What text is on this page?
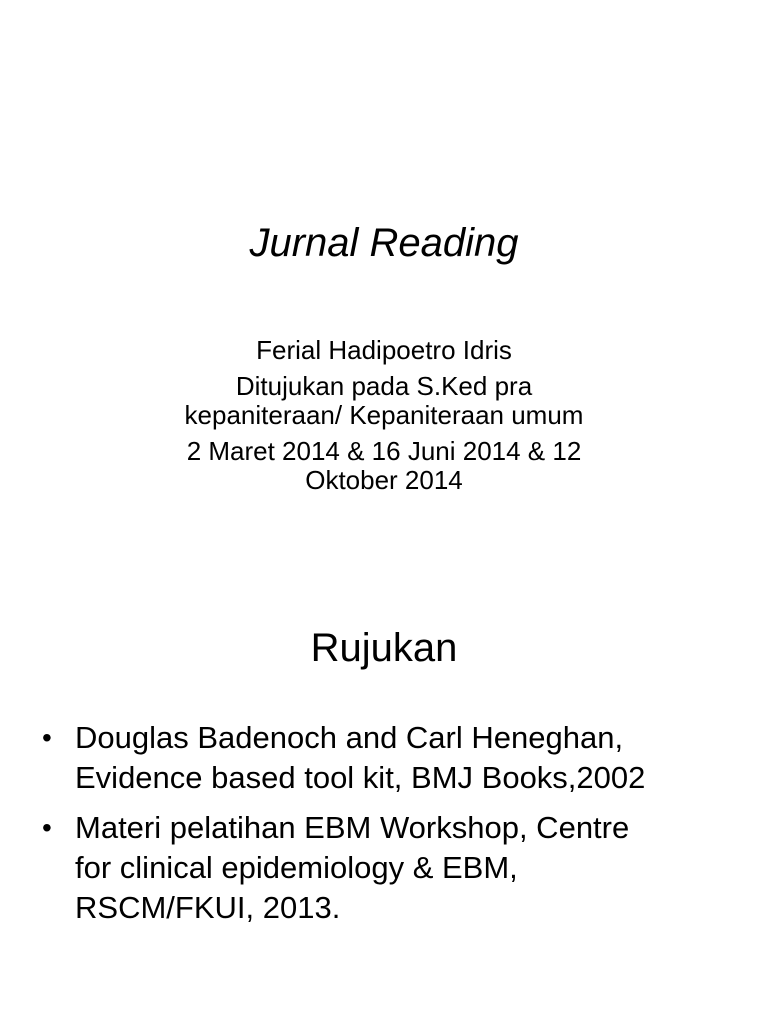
Jurnal Reading
Ferial Hadipoetro Idris
Ditujukan pada S.Ked pra
kepaniteraan/ Kepaniteraan umum
2 Maret 2014 & 16 Juni 2014 & 12
Oktober 2014
Rujukan
• Douglas Badenoch and Carl Heneghan,
Evidence based tool kit, BMJ Books,2002
• Materi pelatihan EBM Workshop, Centre
for clinical epidemiology & EBM,
RSCM/FKUI, 2013.
